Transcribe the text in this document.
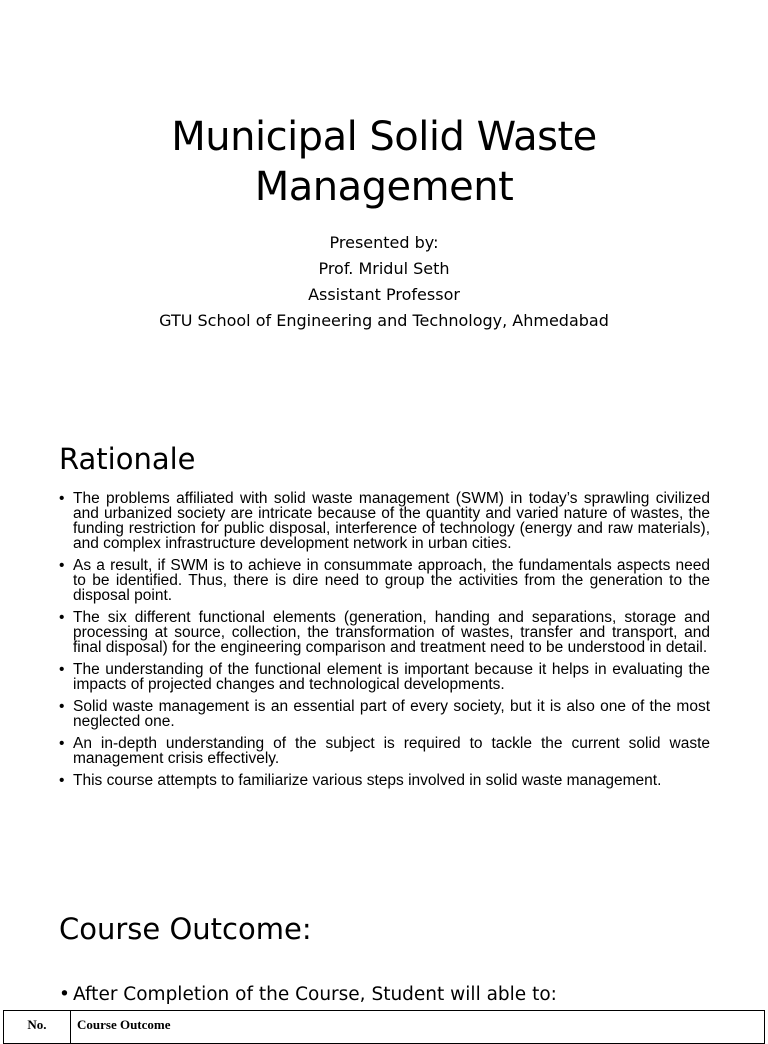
Municipal Solid Waste
Management
Presented by:
Prof. Mridul Seth
Assistant Professor
GTU School of Engineering and Technology, Ahmedabad
Rationale
• The problems affiliated with solid waste management (SWM) in today’s sprawling civilized and urbanized society are intricate because of the quantity and varied nature of wastes, the funding restriction for public disposal, interference of technology (energy and raw materials), and complex infrastructure development network in urban cities.
• As a result, if SWM is to achieve in consummate approach, the fundamentals aspects need to be identified. Thus, there is dire need to group the activities from the generation to the disposal point.
• The six different functional elements (generation, handing and separations, storage and processing at source, collection, the transformation of wastes, transfer and transport, and final disposal) for the engineering comparison and treatment need to be understood in detail.
• The understanding of the functional element is important because it helps in evaluating the impacts of projected changes and technological developments.
• Solid waste management is an essential part of every society, but it is also one of the most neglected one.
• An in-depth understanding of the subject is required to tackle the current solid waste management crisis effectively.
• This course attempts to familiarize various steps involved in solid waste management.
Course Outcome:
• After Completion of the Course, Student will able to:
No.	Course Outcome
